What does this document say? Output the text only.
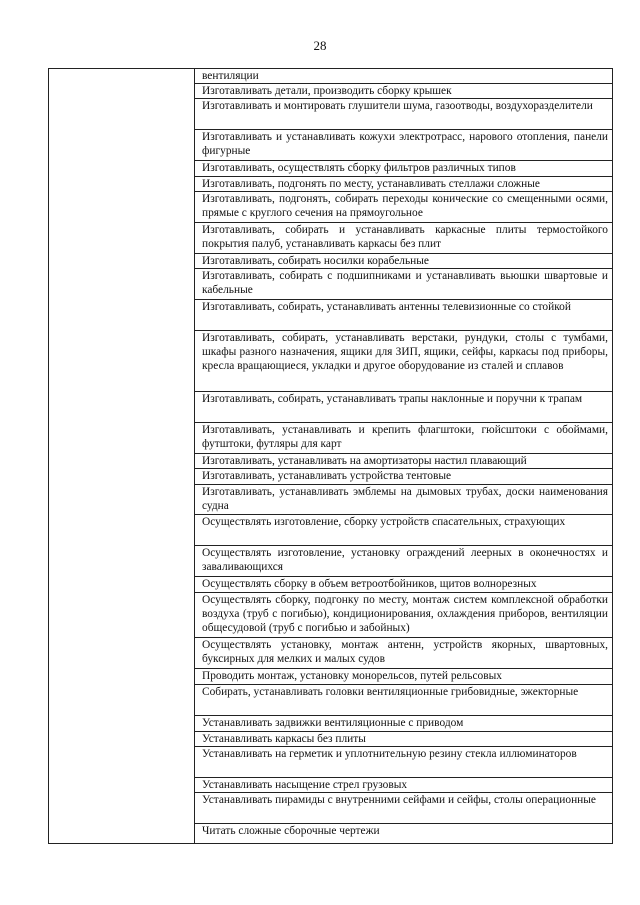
28
вентиляции
Изготавливать детали, производить сборку крышек
Изготавливать и монтировать глушители шума, газоотводы, воздухоразделители
Изготавливать и устанавливать кожухи электротрасс, нарового отопления, панели фигурные
Изготавливать, осуществлять сборку фильтров различных типов
Изготавливать, подгонять по месту, устанавливать стеллажи сложные
Изготавливать, подгонять, собирать переходы конические со смещенными осями, прямые с круглого сечения на прямоугольное
Изготавливать, собирать и устанавливать каркасные плиты термостойкого покрытия палуб, устанавливать каркасы без плит
Изготавливать, собирать носилки корабельные
Изготавливать, собирать с подшипниками и устанавливать вьюшки швартовые и кабельные
Изготавливать, собирать, устанавливать антенны телевизионные со стойкой
Изготавливать, собирать, устанавливать верстаки, рундуки, столы с тумбами, шкафы разного назначения, ящики для ЗИП, ящики, сейфы, каркасы под приборы, кресла вращающиеся, укладки и другое оборудование из сталей и сплавов
Изготавливать, собирать, устанавливать трапы наклонные и поручни к трапам
Изготавливать, устанавливать и крепить флагштоки, гюйсштоки с обоймами, футштоки, футляры для карт
Изготавливать, устанавливать на амортизаторы настил плавающий
Изготавливать, устанавливать устройства тентовые
Изготавливать, устанавливать эмблемы на дымовых трубах, доски наименования судна
Осуществлять изготовление, сборку устройств спасательных, страхующих
Осуществлять изготовление, установку ограждений леерных в оконечностях и заваливающихся
Осуществлять сборку в объем ветроотбойников, щитов волнорезных
Осуществлять сборку, подгонку по месту, монтаж систем комплексной обработки воздуха (труб с погибью), кондиционирования, охлаждения приборов, вентиляции общесудовой (труб с погибью и забойных)
Осуществлять установку, монтаж антенн, устройств якорных, швартовных, буксирных для мелких и малых судов
Проводить монтаж, установку монорельсов, путей рельсовых
Собирать, устанавливать головки вентиляционные грибовидные, эжекторные
Устанавливать задвижки вентиляционные с приводом
Устанавливать каркасы без плиты
Устанавливать на герметик и уплотнительную резину стекла иллюминаторов
Устанавливать насыщение стрел грузовых
Устанавливать пирамиды с внутренними сейфами и сейфы, столы операционные
Читать сложные сборочные чертежи
